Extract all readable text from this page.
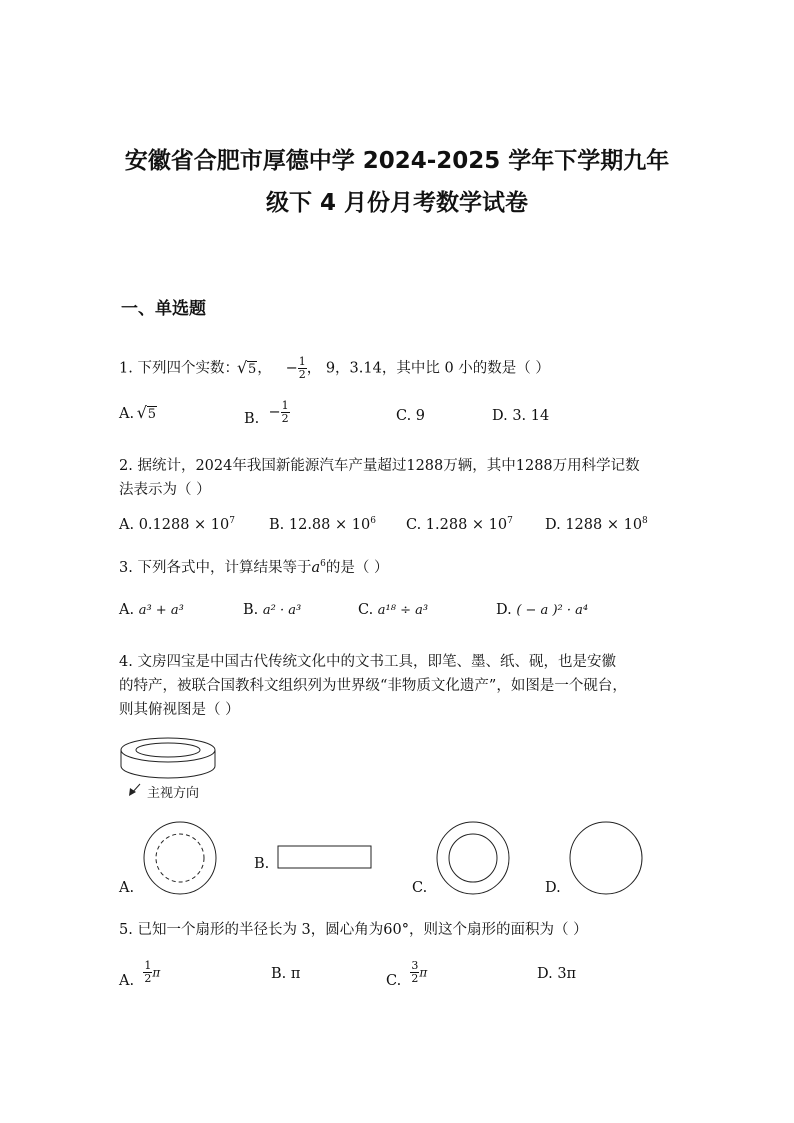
安徽省合肥市厚德中学 2024-2025 学年下学期九年
级下 4 月份月考数学试卷
一、单选题
1. 下列四个实数： √ 5， − $\frac{1}{2}$ ， 9，3.14，其中比 0 小的数是（ ）
A. √ 5	B. − $\frac{1}{2}$	C. 9	D. 3. 14
2. 据统计，2024年我国新能源汽车产量超过1288万辆，其中1288万用科学记数
法表示为（ ）
A. $0.1288 \times 10^7$ B. $12.88 \times 10^6$ C. $1.288 \times 10^7$ D. $1288 \times 10^8$
3. 下列各式中，计算结果等于$a^6$的是（ ）
A. a³ + a³	B. a² · a³	C. a¹⁸ ÷ a³	D. ( − a )² · a⁴
4. 文房四宝是中国古代传统文化中的文书工具，即笔、墨、纸、砚，也是安徽
的特产，被联合国教科文组织列为世界级“非物质文化遗产”，如图是一个砚台，
则其俯视图是（ ）
主视方向
A.
B.
C.	D.
5. 已知一个扇形的半径长为 3，圆心角为60°，则这个扇形的面积为（ ）
A. $\frac{1}{2}$ π	B. π	C. $\frac{3}{2}$ π	D. 3π
